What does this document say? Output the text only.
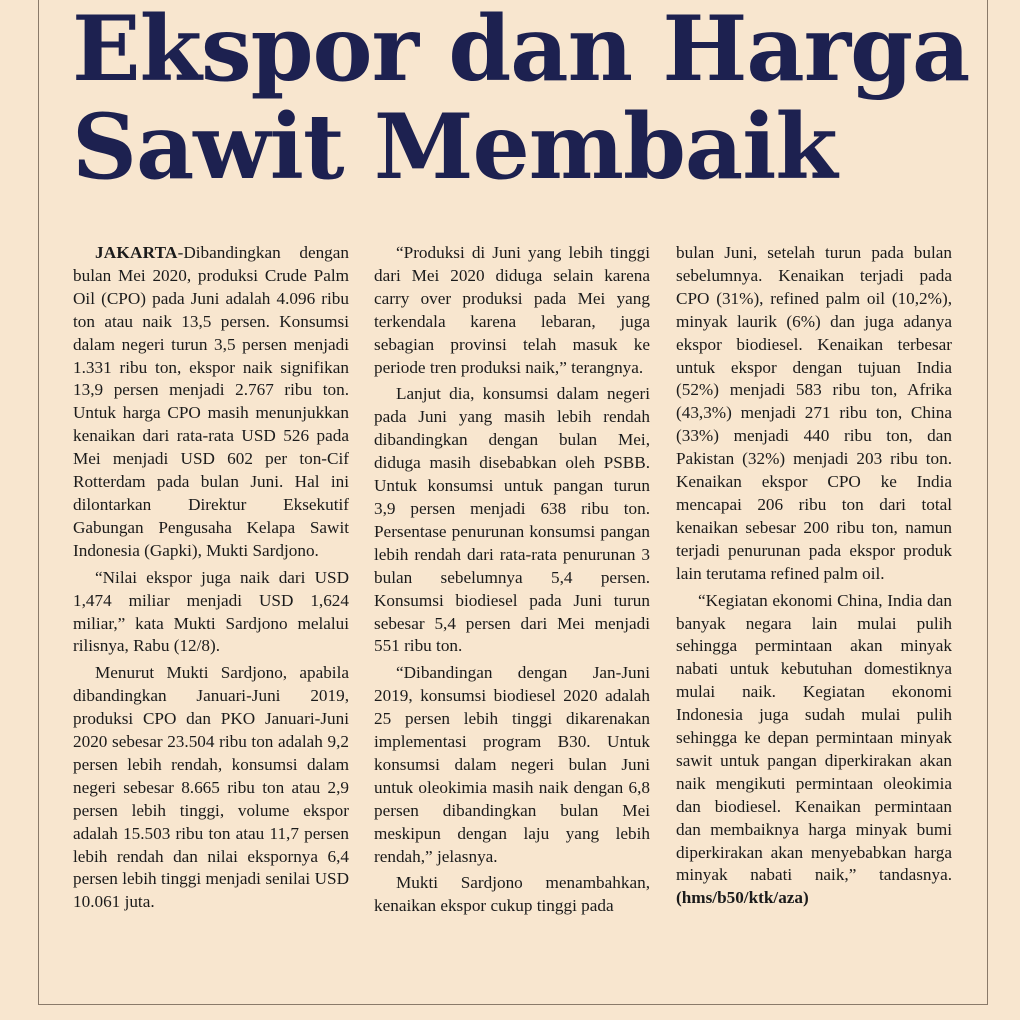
Ekspor dan Harga
Sawit Membaik

JAKARTA-Dibandingkan dengan bulan Mei 2020, produksi Crude Palm Oil (CPO) pada Juni adalah 4.096 ribu ton atau naik 13,5 persen. Konsumsi dalam negeri turun 3,5 persen menjadi 1.331 ribu ton, ekspor naik signifikan 13,9 persen menjadi 2.767 ribu ton. Untuk harga CPO masih menunjukkan kenaikan dari rata-rata USD 526 pada Mei menjadi USD 602 per ton-Cif Rotterdam pada bulan Juni. Hal ini dilontarkan Direktur Eksekutif Gabungan Pengusaha Kelapa Sawit Indonesia (Gapki), Mukti Sardjono.

“Nilai ekspor juga naik dari USD 1,474 miliar menjadi USD 1,624 miliar,” kata Mukti Sardjono melalui rilisnya, Rabu (12/8).

Menurut Mukti Sardjono, apabila dibandingkan Januari-Juni 2019, produksi CPO dan PKO Januari-Juni 2020 sebesar 23.504 ribu ton adalah 9,2 persen lebih rendah, konsumsi dalam negeri sebesar 8.665 ribu ton atau 2,9 persen lebih tinggi, volume ekspor adalah 15.503 ribu ton atau 11,7 persen lebih rendah dan nilai ekspornya 6,4 persen lebih tinggi menjadi senilai USD 10.061 juta.

“Produksi di Juni yang lebih tinggi dari Mei 2020 diduga selain karena carry over produksi pada Mei yang terkendala karena lebaran, juga sebagian provinsi telah masuk ke periode tren produksi naik,” terangnya.

Lanjut dia, konsumsi dalam negeri pada Juni yang masih lebih rendah dibandingkan dengan bulan Mei, diduga masih disebabkan oleh PSBB. Untuk konsumsi untuk pangan turun 3,9 persen menjadi 638 ribu ton. Persentase penurunan konsumsi pangan lebih rendah dari rata-rata penurunan 3 bulan sebelumnya 5,4 persen. Konsumsi biodiesel pada Juni turun sebesar 5,4 persen dari Mei menjadi 551 ribu ton.

“Dibandingan dengan Jan-Juni 2019, konsumsi biodiesel 2020 adalah 25 persen lebih tinggi dikarenakan implementasi program B30. Untuk konsumsi dalam negeri bulan Juni untuk oleokimia masih naik dengan 6,8 persen dibandingkan bulan Mei meskipun dengan laju yang lebih rendah,” jelasnya.

Mukti Sardjono menambahkan, kenaikan ekspor cukup tinggi pada

bulan Juni, setelah turun pada bulan sebelumnya. Kenaikan terjadi pada CPO (31%), refined palm oil (10,2%), minyak laurik (6%) dan juga adanya ekspor biodiesel. Kenaikan terbesar untuk ekspor dengan tujuan India (52%) menjadi 583 ribu ton, Afrika (43,3%) menjadi 271 ribu ton, China (33%) menjadi 440 ribu ton, dan Pakistan (32%) menjadi 203 ribu ton. Kenaikan ekspor CPO ke India mencapai 206 ribu ton dari total kenaikan sebesar 200 ribu ton, namun terjadi penurunan pada ekspor produk lain terutama refined palm oil.

“Kegiatan ekonomi China, India dan banyak negara lain mulai pulih sehingga permintaan akan minyak nabati untuk kebutuhan domestiknya mulai naik. Kegiatan ekonomi Indonesia juga sudah mulai pulih sehingga ke depan permintaan minyak sawit untuk pangan diperkirakan akan naik mengikuti permintaan oleokimia dan biodiesel. Kenaikan permintaan dan membaiknya harga minyak bumi diperkirakan akan menyebabkan harga minyak nabati naik,” tandasnya. (hms/b50/ktk/aza)
